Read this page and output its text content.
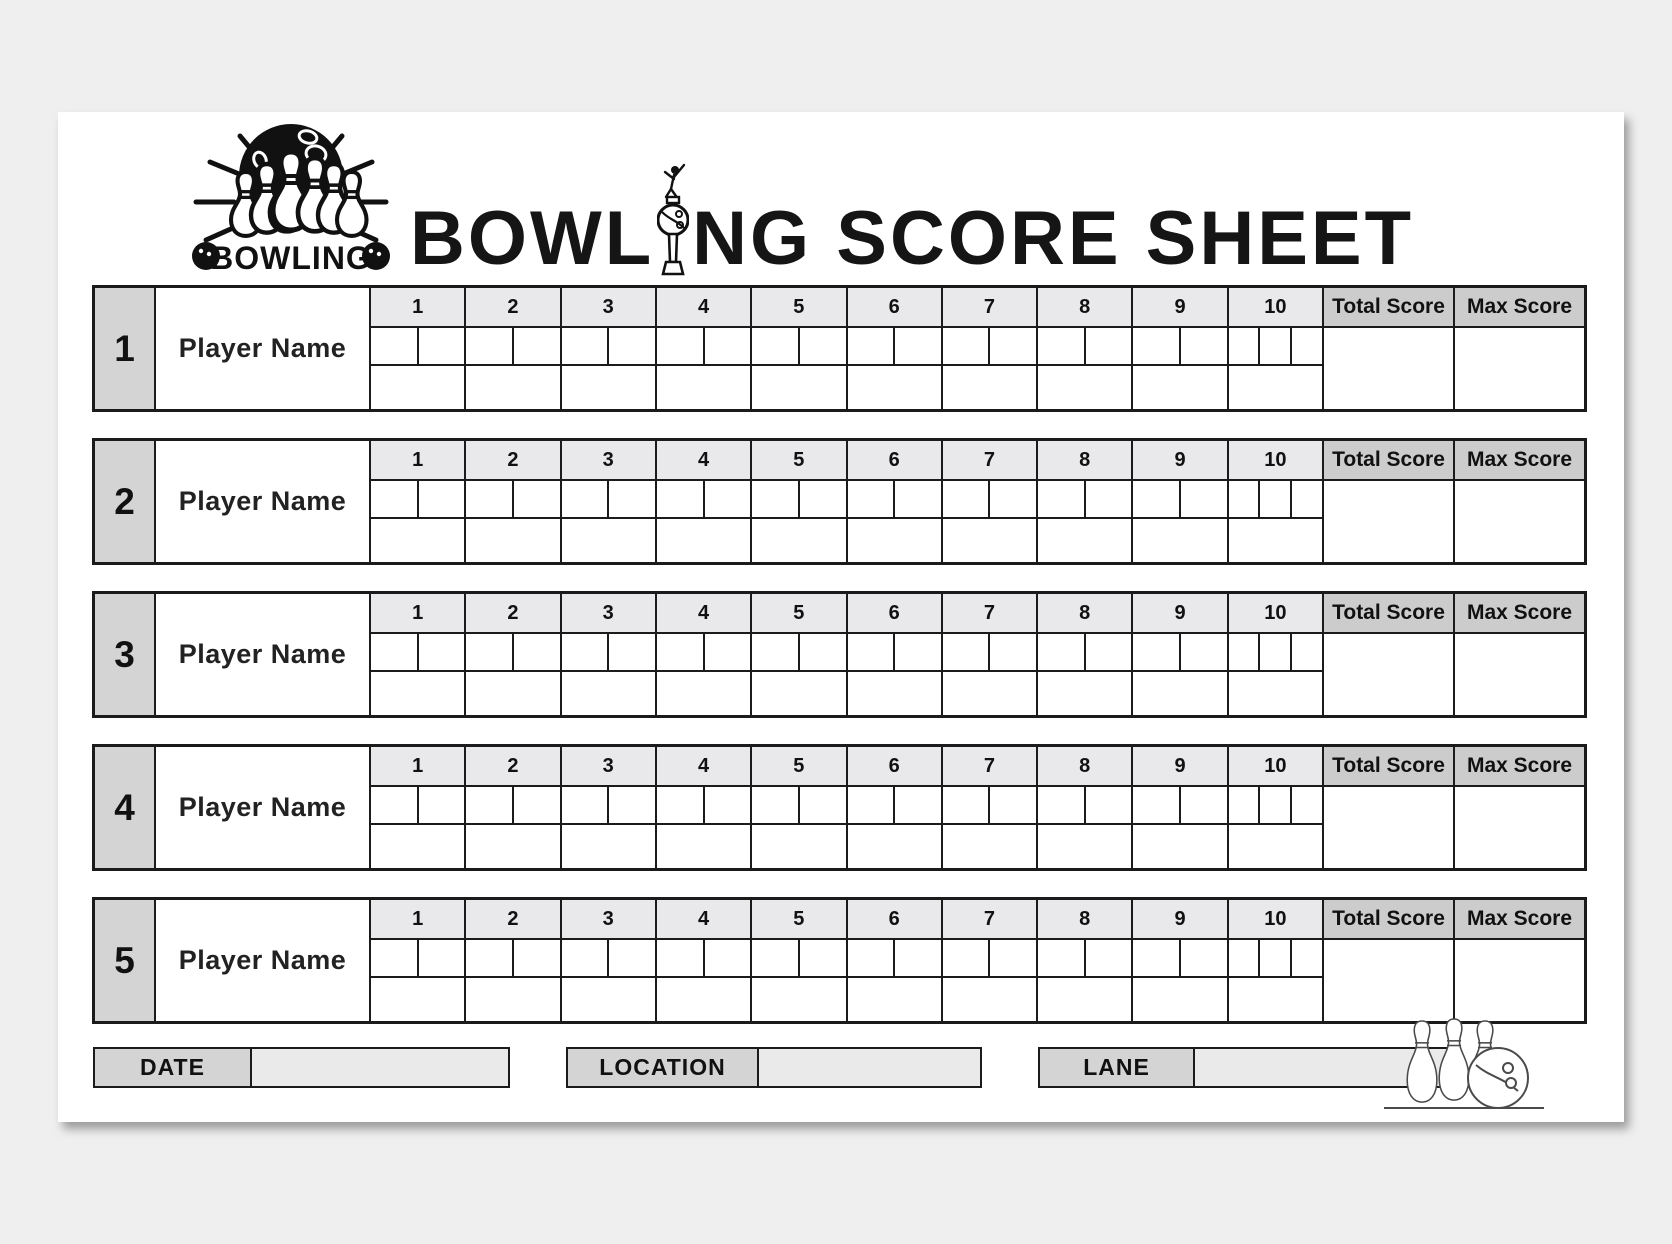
BOWLING BOWL NG SCORE SHEET
1	Player Name
1	2	3	4	5	6	7	8	9	10	Total Score	Max Score
2	Player Name
1	2	3	4	5	6	7	8	9	10	Total Score	Max Score
3	Player Name
1	2	3	4	5	6	7	8	9	10	Total Score	Max Score
4	Player Name
1	2	3	4	5	6	7	8	9	10	Total Score	Max Score
5	Player Name
1	2	3	4	5	6	7	8	9	10	Total Score	Max Score
DATE	LOCATION	LANE
